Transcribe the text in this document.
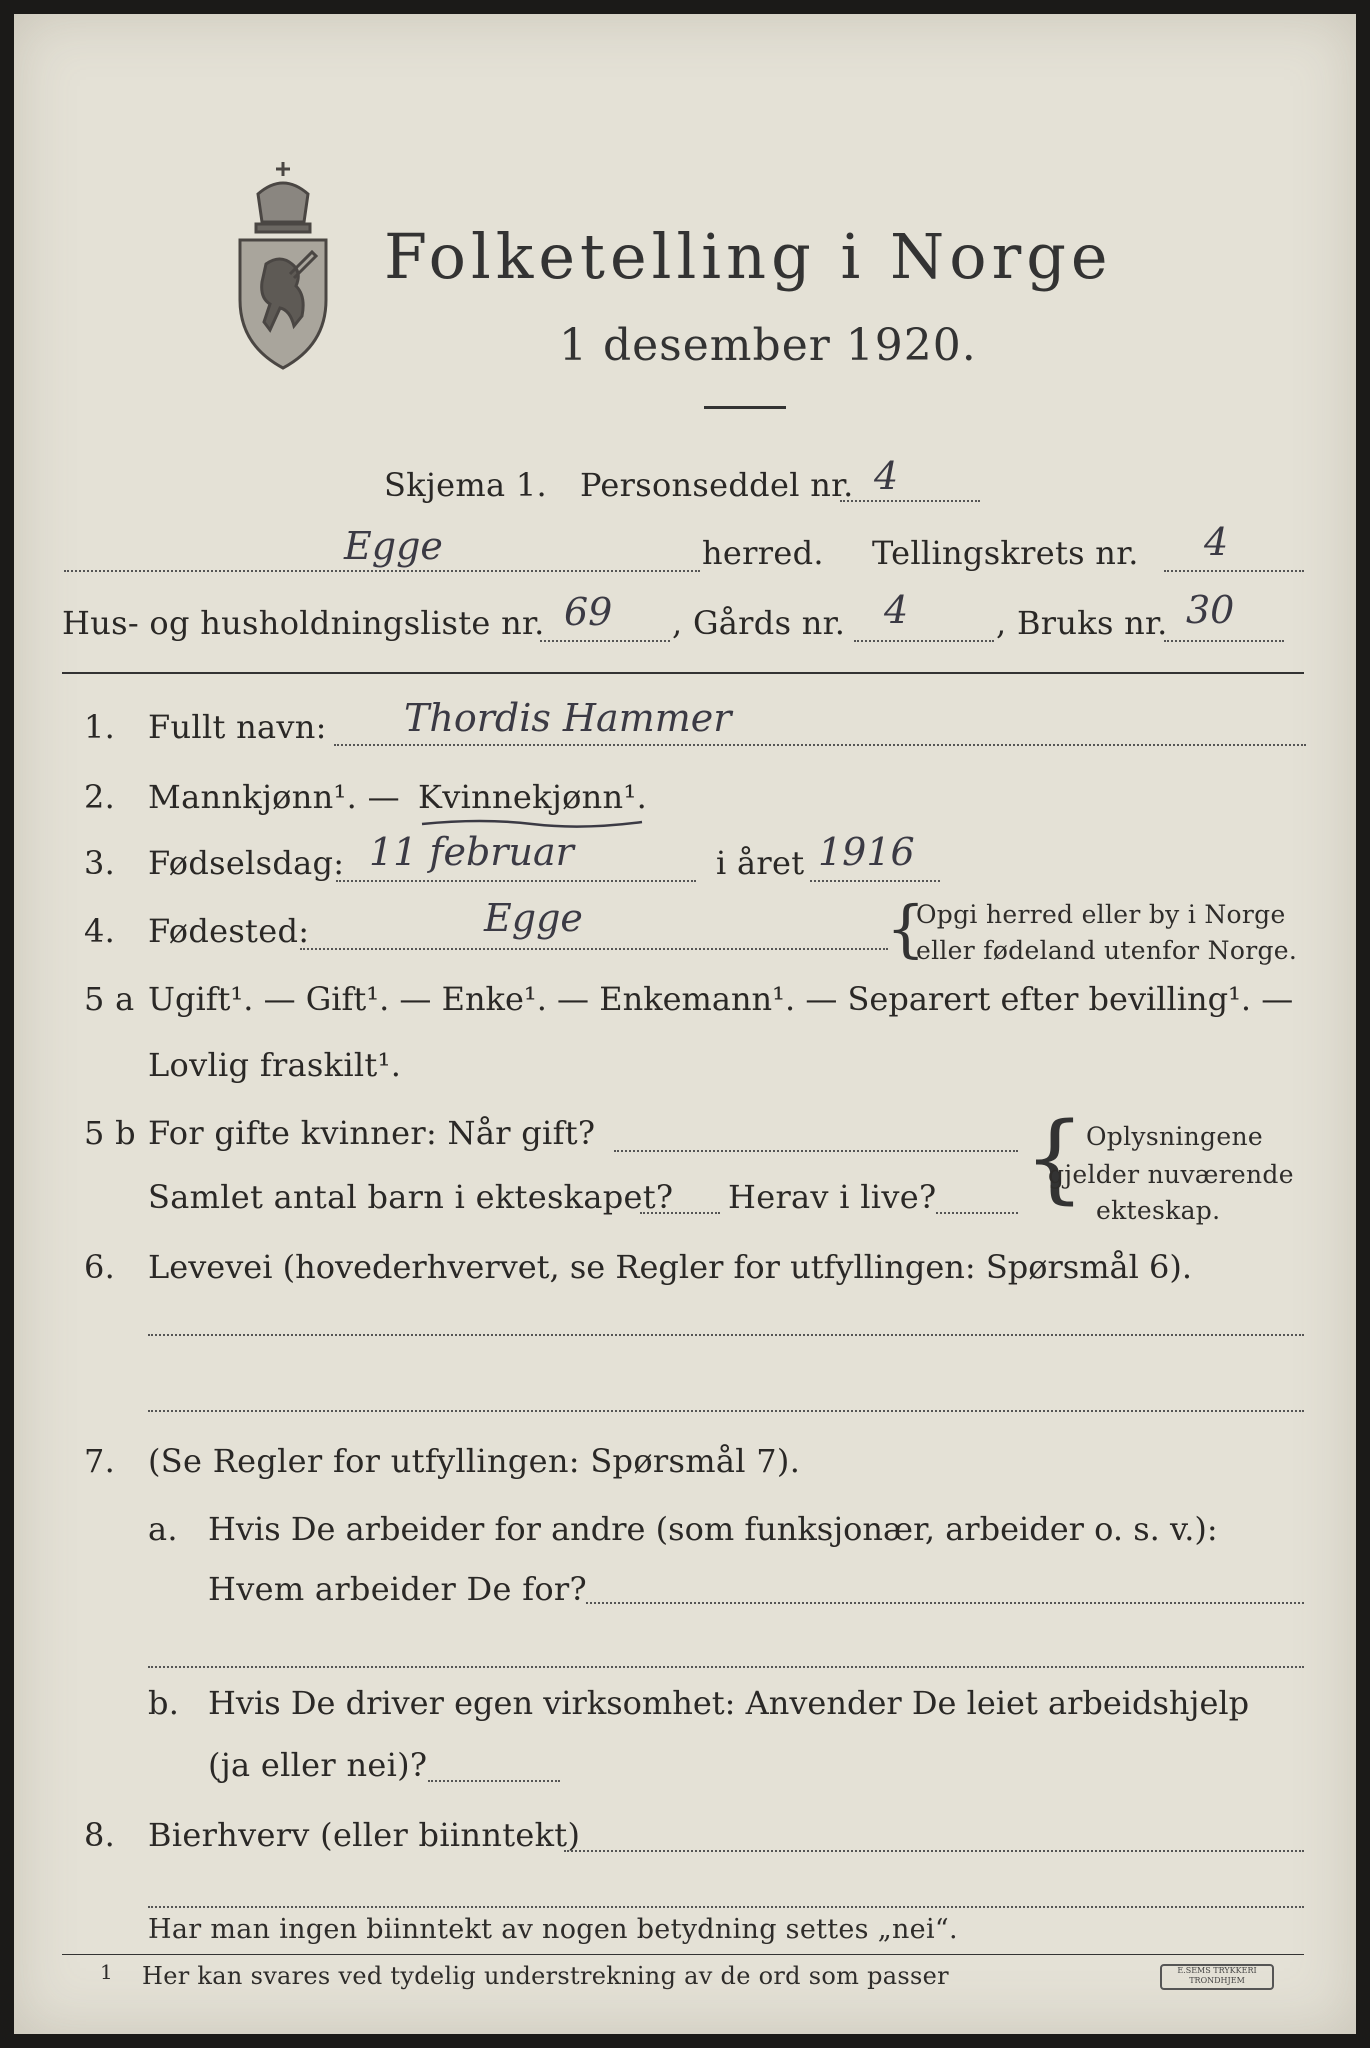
Folketelling i Norge
1 desember 1920.
Skjema 1. Personseddel nr. 4
Egge	herred. Tellingskrets nr. 4
Hus- og husholdningsliste nr. 69 , Gårds nr. 4	, Bruks nr. 30
1. Fullt navn: Thordis Hammer
2. Mannkjønn¹. — Kvinnekjønn¹.
3. Fødselsdag: 11 februar	i året 1916
4. Fødested:	Egge	{
Opgi herred eller by i Norge
eller fødeland utenfor Norge.
5 a Ugift¹. — Gift¹. — Enke¹. — Enkemann¹. — Separert efter bevilling¹. —
Lovlig fraskilt¹.
5 b For gifte kvinner: Når gift?
Samlet antal barn i ekteskapet? Herav i live? { Oplysningene
gjelder nuværende
ekteskap.
6. Levevei (hovederhvervet, se Regler for utfyllingen: Spørsmål 6).
7. (Se Regler for utfyllingen: Spørsmål 7).
a. Hvis De arbeider for andre (som funksjonær, arbeider o. s. v.):
Hvem arbeider De for?
b. Hvis De driver egen virksomhet: Anvender De leiet arbeidshjelp
(ja eller nei)?
8. Bierhverv (eller biinntekt)
Har man ingen biinntekt av nogen betydning settes „nei“.
1 Her kan svares ved tydelig understrekning av de ord som passer	E.SEMS TRYKKERI TRONDHJEM
